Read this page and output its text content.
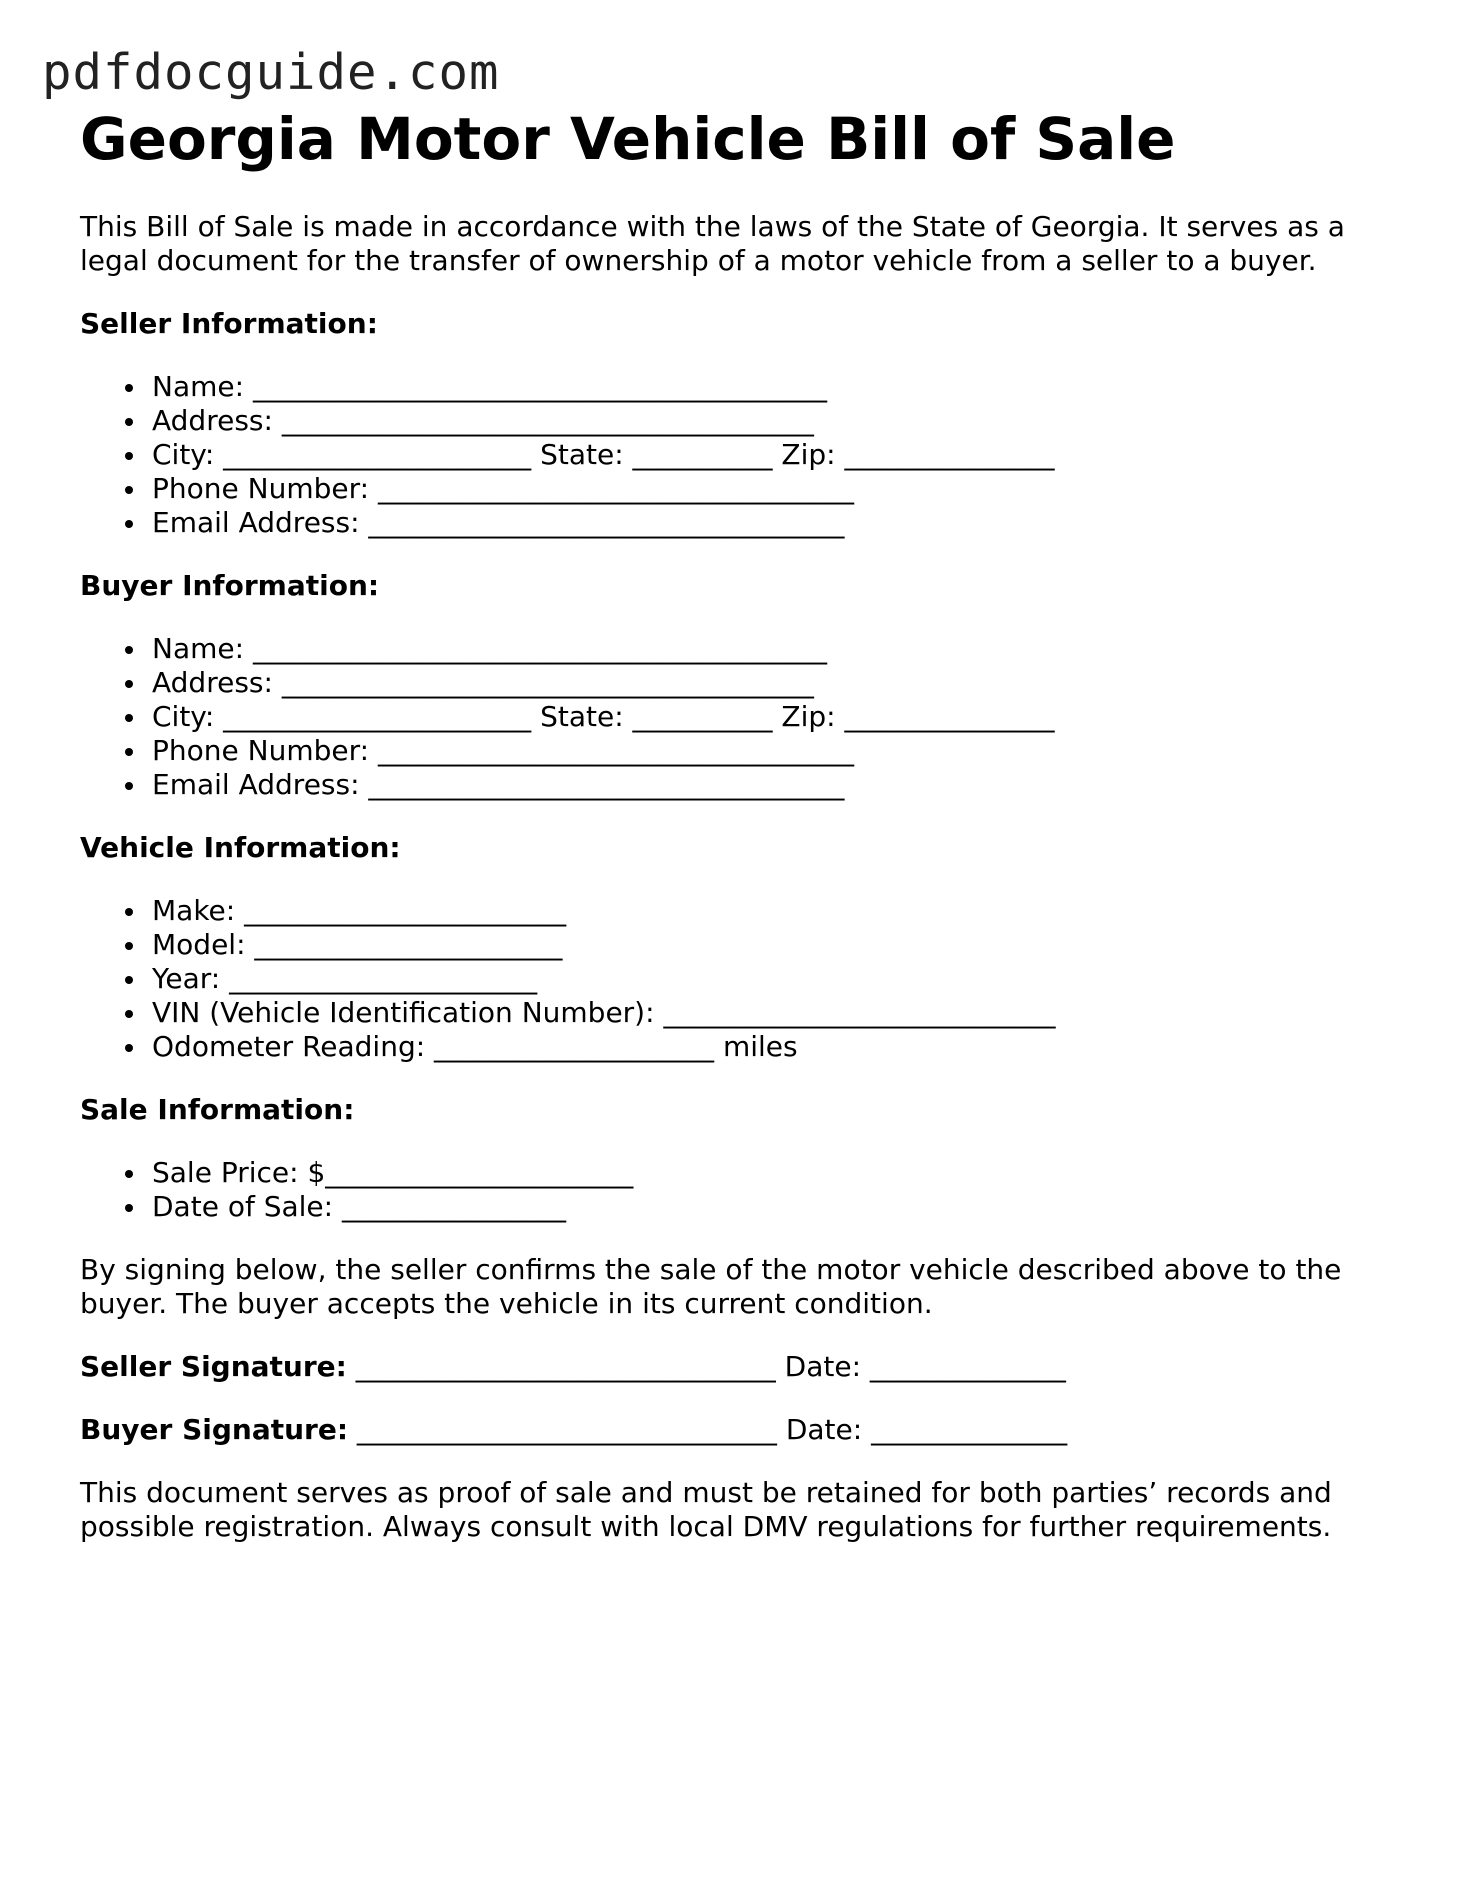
pdfdocguide.com
Georgia Motor Vehicle Bill of Sale

This Bill of Sale is made in accordance with the laws of the State of Georgia. It serves as a legal document for the transfer of ownership of a motor vehicle from a seller to a buyer.

Seller Information:
Name: _________________________________________
Address: ______________________________________
City: ______________________ State: __________ Zip: _______________
Phone Number: __________________________________
Email Address: __________________________________
Buyer Information:
Name: _________________________________________
Address: ______________________________________
City: ______________________ State: __________ Zip: _______________
Phone Number: __________________________________
Email Address: __________________________________
Vehicle Information:
Make: _______________________
Model: ______________________
Year: ______________________
VIN (Vehicle Identification Number): ____________________________
Odometer Reading: ____________________ miles
Sale Information:
Sale Price: $______________________
Date of Sale: ________________

By signing below, the seller confirms the sale of the motor vehicle described above to the buyer. The buyer accepts the vehicle in its current condition.

Seller Signature: ______________________________ Date: ______________
Buyer Signature: ______________________________ Date: ______________

This document serves as proof of sale and must be retained for both parties’ records and possible registration. Always consult with local DMV regulations for further requirements.
